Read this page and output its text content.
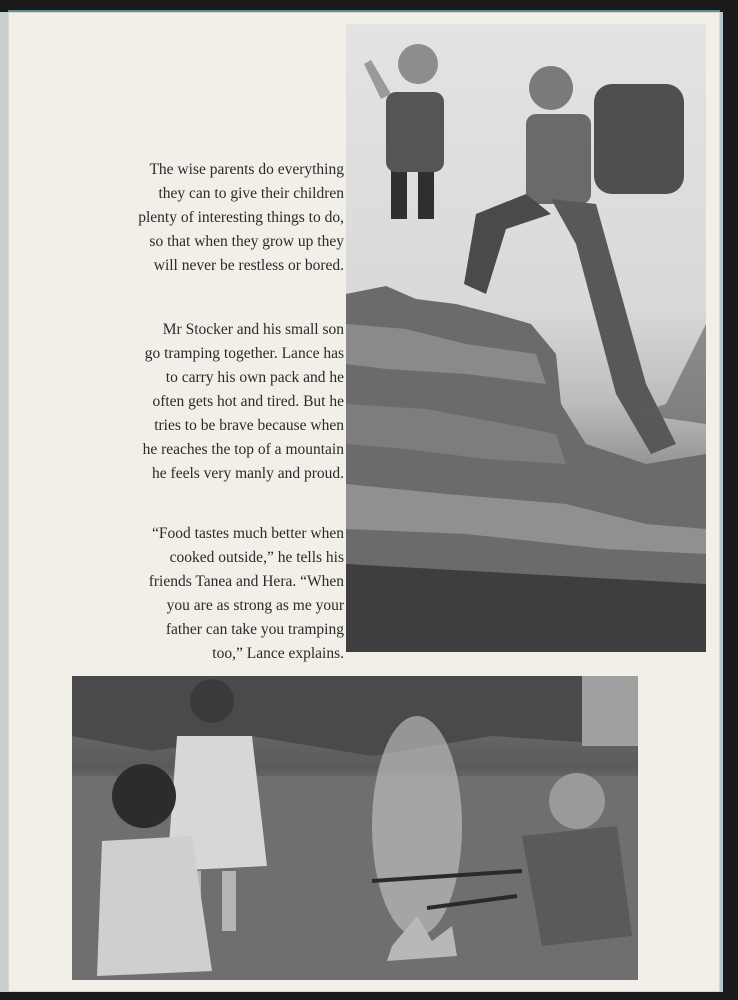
The wise parents do everything
they can to give their children
plenty of interesting things to do,
so that when they grow up they
will never be restless or bored.
Mr Stocker and his small son
go tramping together. Lance has
to carry his own pack and he
often gets hot and tired. But he
tries to be brave because when
he reaches the top of a mountain
he feels very manly and proud.
“Food tastes much better when
cooked outside,” he tells his
friends Tanea and Hera. “When
you are as strong as me your
father can take you tramping
too,” Lance explains.
